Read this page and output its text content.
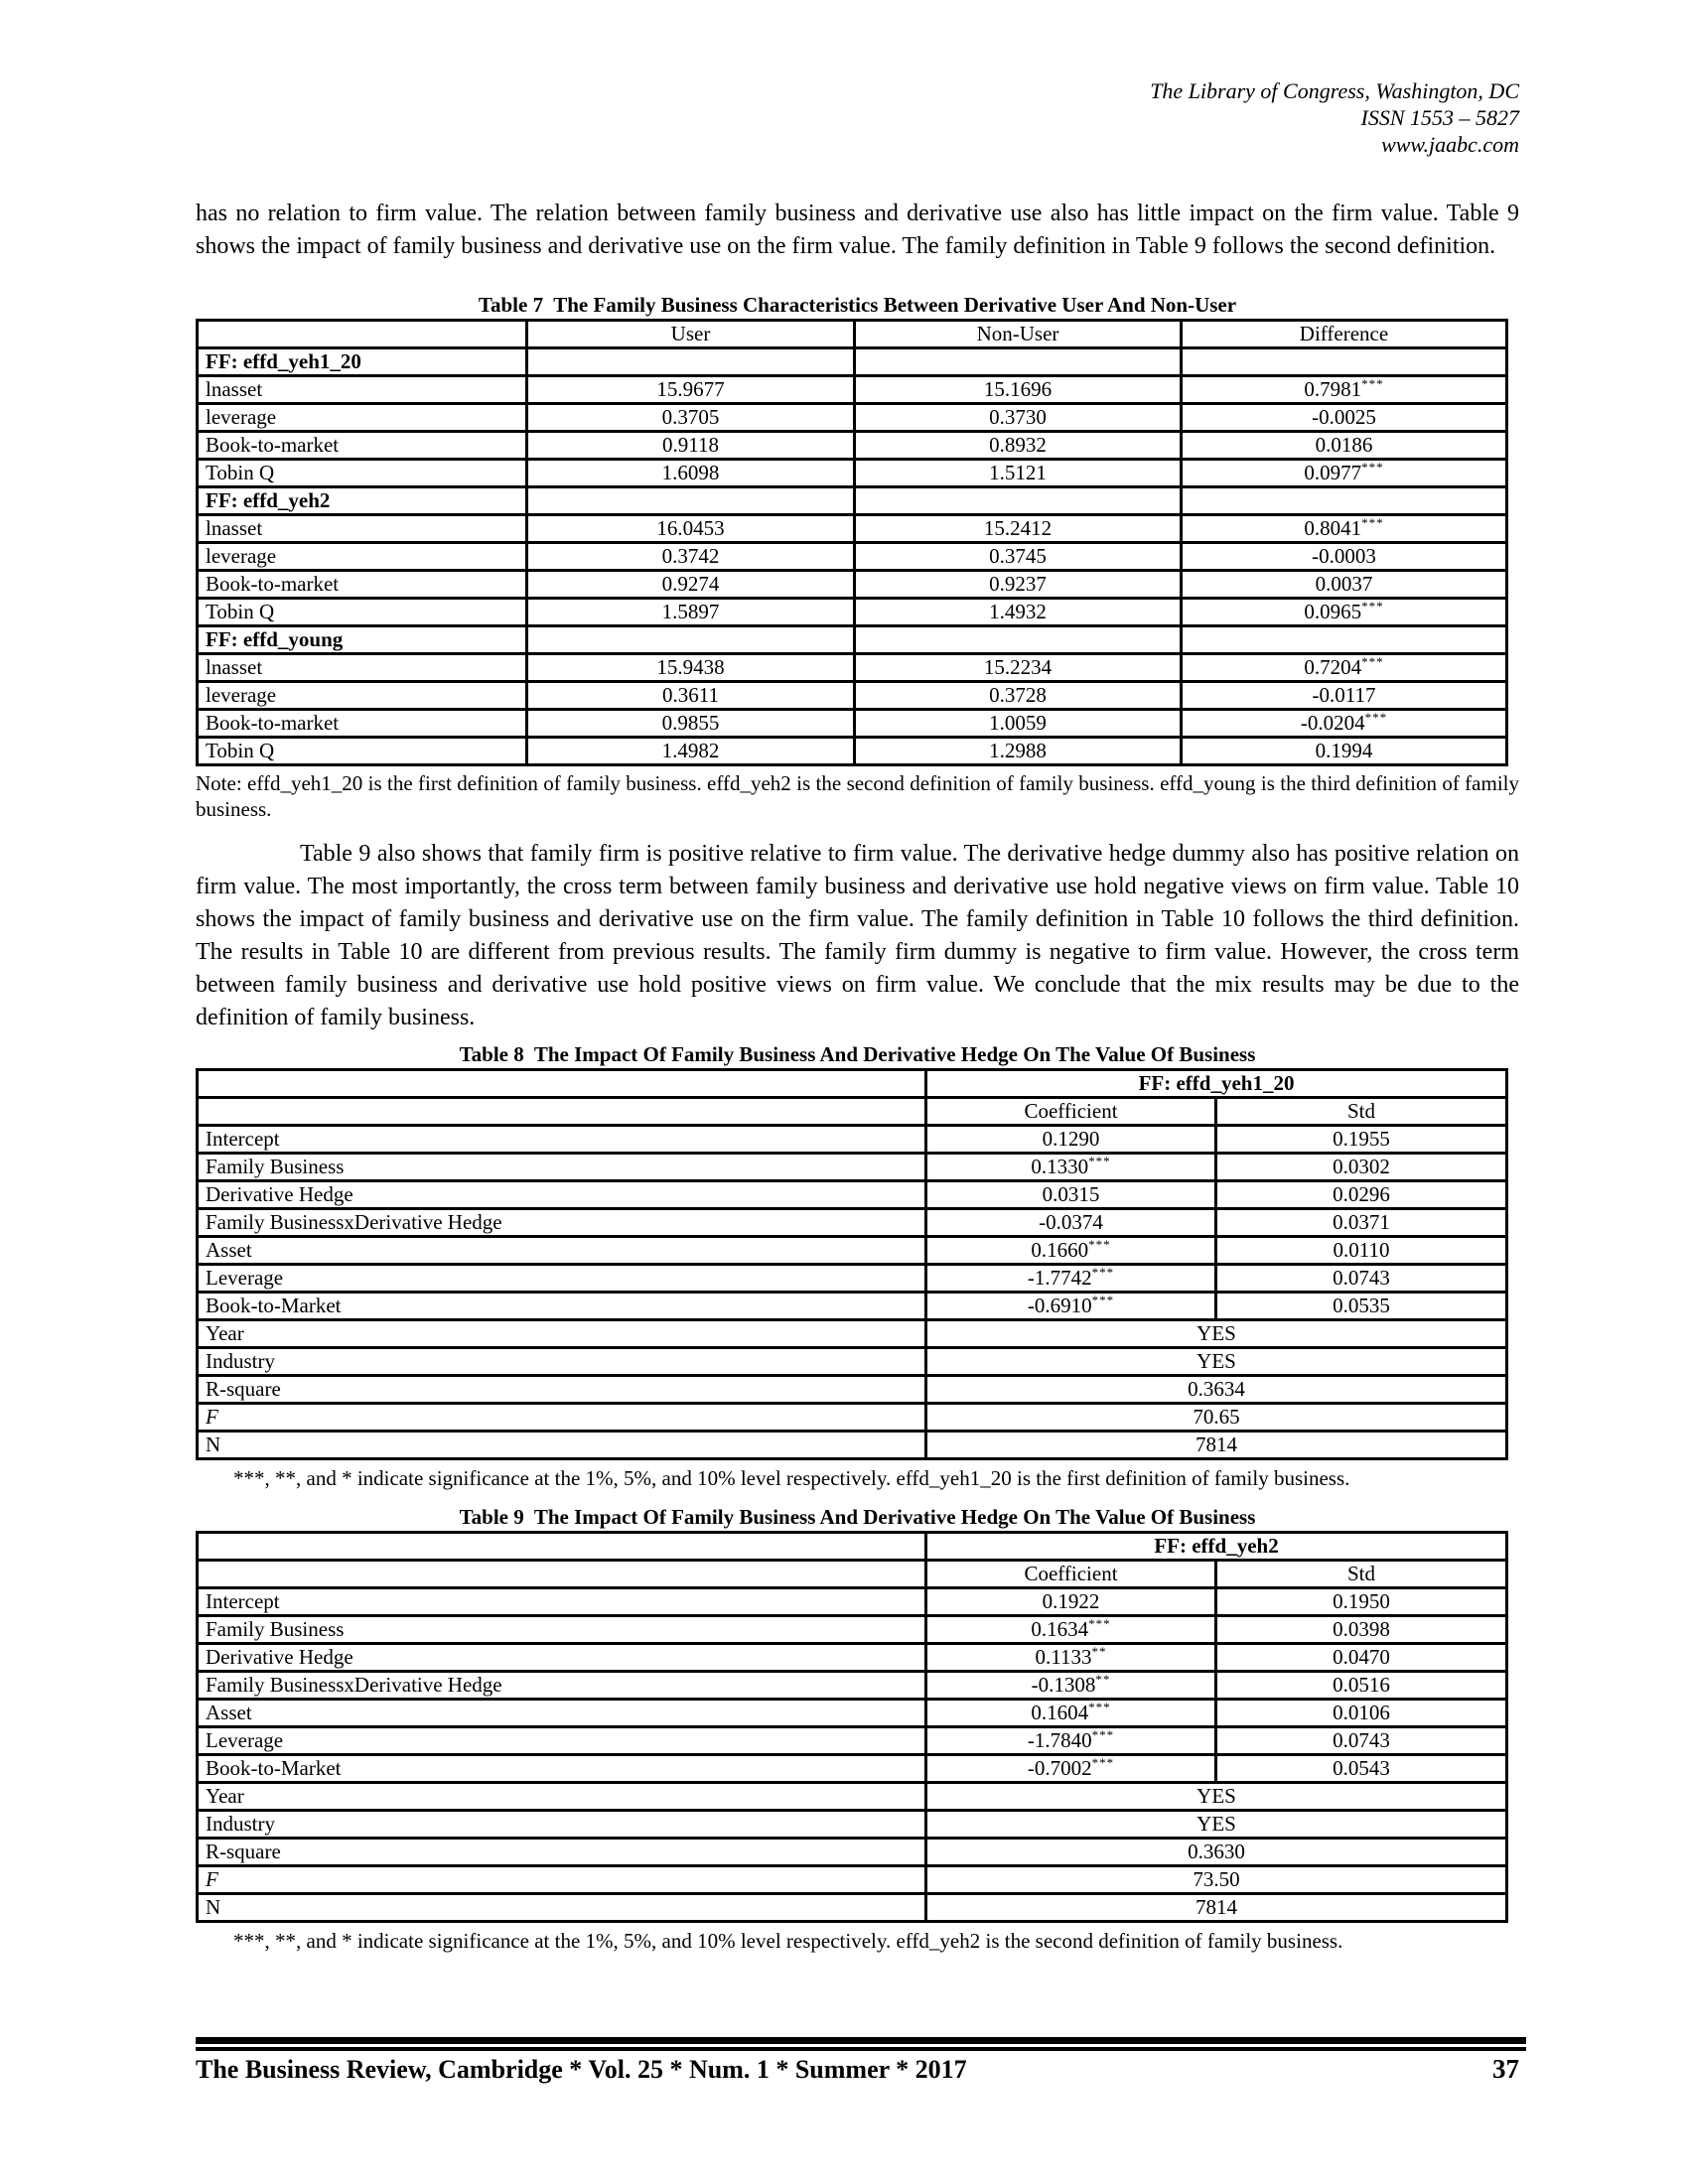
The Library of Congress, Washington, DC
ISSN 1553 – 5827
www.jaabc.com
has no relation to firm value. The relation between family business and derivative use also has little impact on the firm value. Table 9 shows the impact of family business and derivative use on the firm value. The family definition in Table 9 follows the second definition.
Table 7  The Family Business Characteristics Between Derivative User And Non-User
	User	Non-User	Difference
FF: effd_yeh1_20			
lnasset	15.9677	15.1696	0.7981***
leverage	0.3705	0.3730	-0.0025
Book-to-market	0.9118	0.8932	0.0186
Tobin Q	1.6098	1.5121	0.0977***
FF: effd_yeh2			
lnasset	16.0453	15.2412	0.8041***
leverage	0.3742	0.3745	-0.0003
Book-to-market	0.9274	0.9237	0.0037
Tobin Q	1.5897	1.4932	0.0965***
FF: effd_young			
lnasset	15.9438	15.2234	0.7204***
leverage	0.3611	0.3728	-0.0117
Book-to-market	0.9855	1.0059	-0.0204***
Tobin Q	1.4982	1.2988	0.1994
Note: effd_yeh1_20 is the first definition of family business. effd_yeh2 is the second definition of family business. effd_young is the third definition of family business.
Table 9 also shows that family firm is positive relative to firm value. The derivative hedge dummy also has positive relation on firm value. The most importantly, the cross term between family business and derivative use hold negative views on firm value. Table 10 shows the impact of family business and derivative use on the firm value. The family definition in Table 10 follows the third definition. The results in Table 10 are different from previous results. The family firm dummy is negative to firm value. However, the cross term between family business and derivative use hold positive views on firm value. We conclude that the mix results may be due to the definition of family business.
Table 8  The Impact Of Family Business And Derivative Hedge On The Value Of Business
	FF: effd_yeh1_20	
	Coefficient	Std
Intercept	0.1290	0.1955
Family Business	0.1330***	0.0302
Derivative Hedge	0.0315	0.0296
Family BusinessxDerivative Hedge	-0.0374	0.0371
Asset	0.1660***	0.0110
Leverage	-1.7742***	0.0743
Book-to-Market	-0.6910***	0.0535
Year	YES	
Industry	YES	
R-square	0.3634	
F	70.65	
N	7814	
***, **, and * indicate significance at the 1%, 5%, and 10% level respectively. effd_yeh1_20 is the first definition of family business.
Table 9  The Impact Of Family Business And Derivative Hedge On The Value Of Business
	FF: effd_yeh2	
	Coefficient	Std
Intercept	0.1922	0.1950
Family Business	0.1634***	0.0398
Derivative Hedge	0.1133**	0.0470
Family BusinessxDerivative Hedge	-0.1308**	0.0516
Asset	0.1604***	0.0106
Leverage	-1.7840***	0.0743
Book-to-Market	-0.7002***	0.0543
Year	YES	
Industry	YES	
R-square	0.3630	
F	73.50	
N	7814	
***, **, and * indicate significance at the 1%, 5%, and 10% level respectively. effd_yeh2 is the second definition of family business.
The Business Review, Cambridge * Vol. 25 * Num. 1 * Summer * 2017	37
